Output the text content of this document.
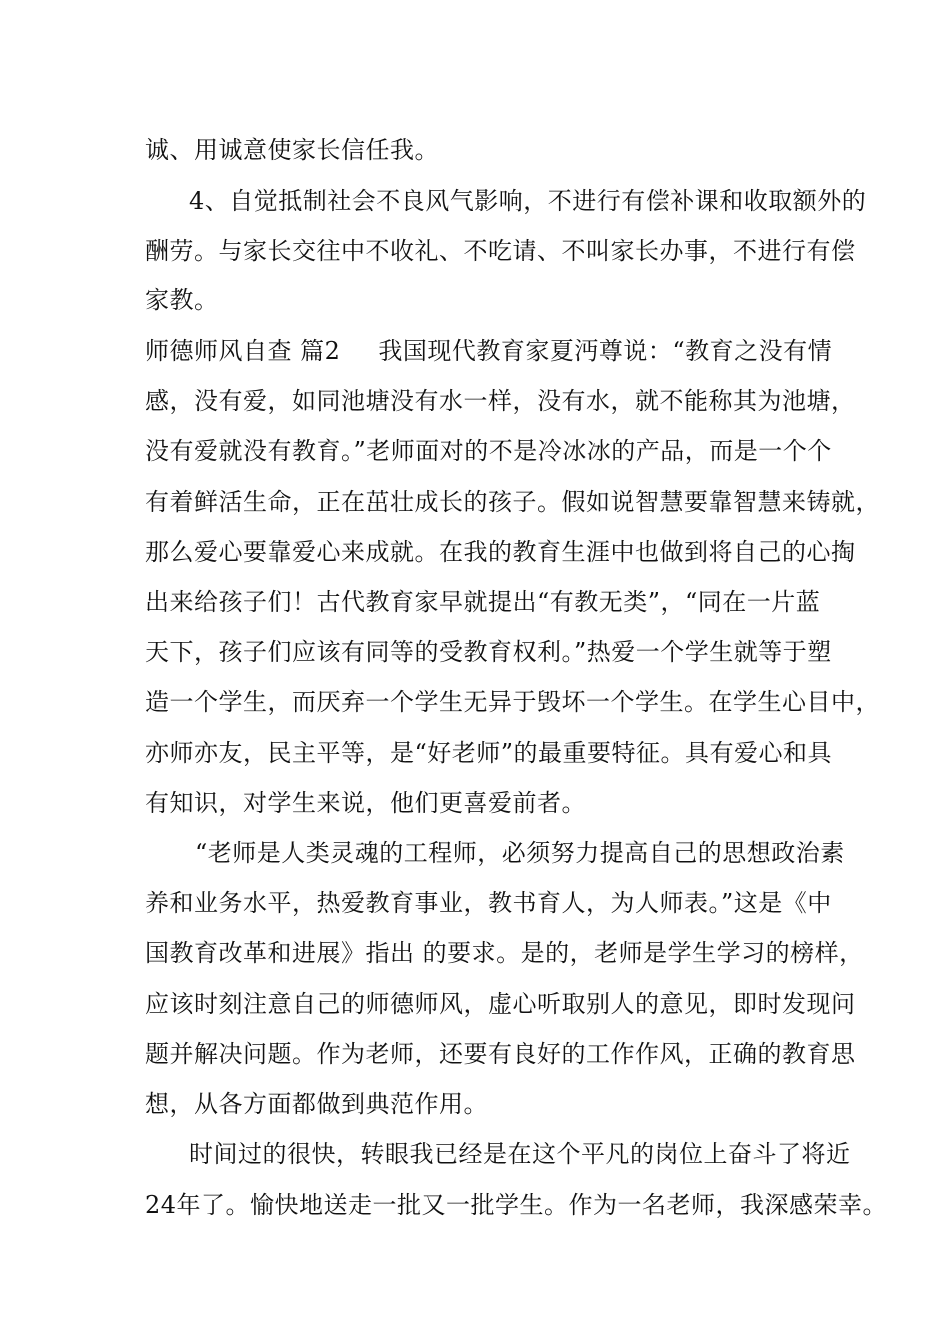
诚、用诚意使家长信任我。
4、自觉抵制社会不良风气影响，不进行有偿补课和收取额外的
酬劳。与家长交往中不收礼、不吃请、不叫家长办事，不进行有偿
家教。
师德师风自查 篇2 我国现代教育家夏沔尊说：“教育之没有情
感，没有爱，如同池塘没有水一样，没有水，就不能称其为池塘，
没有爱就没有教育。”老师面对的不是冷冰冰的产品，而是一个个
有着鲜活生命，正在茁壮成长的孩子。假如说智慧要靠智慧来铸就，
那么爱心要靠爱心来成就。在我的教育生涯中也做到将自己的心掏
出来给孩子们！古代教育家早就提出“有教无类”，“同在一片蓝
天下，孩子们应该有同等的受教育权利。”热爱一个学生就等于塑
造一个学生，而厌弃一个学生无异于毁坏一个学生。在学生心目中，
亦师亦友，民主平等，是“好老师”的最重要特征。具有爱心和具
有知识，对学生来说，他们更喜爱前者。
“老师是人类灵魂的工程师，必须努力提高自己的思想政治素
养和业务水平，热爱教育事业，教书育人，为人师表。”这是《中
国教育改革和进展》指出 的要求。是的，老师是学生学习的榜样，
应该时刻注意自己的师德师风，虚心听取别人的意见，即时发现问
题并解决问题。作为老师，还要有良好的工作作风，正确的教育思
想，从各方面都做到典范作用。
时间过的很快，转眼我已经是在这个平凡的岗位上奋斗了将近
24年了。愉快地送走一批又一批学生。作为一名老师，我深感荣幸。
